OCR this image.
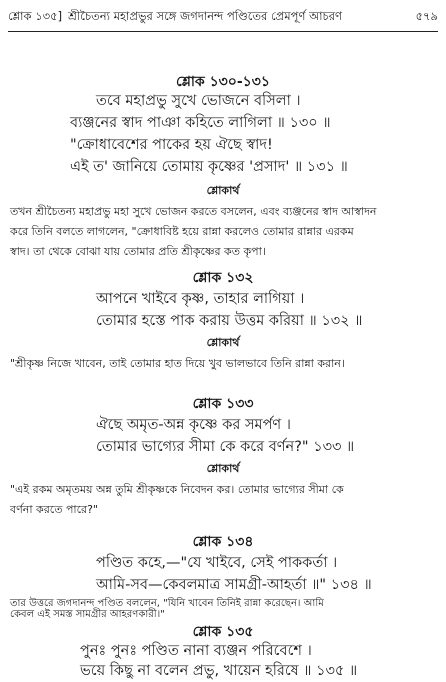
শ্লোক ১৩৫] শ্রীচৈতন্য মহাপ্রভুর সঙ্গে জগদানন্দ পণ্ডিতের প্রেমপূর্ণ আচরণ	৫৭৯
শ্লোক ১৩০-১৩১
তবে মহাপ্রভু সুখে ভোজনে বসিলা ।
ব্যঞ্জনের স্বাদ পাঞা কহিতে লাগিলা ॥ ১৩০ ॥
"ক্রোধাবেশের পাকের হয় ঐছে স্বাদ!
এই ত' জানিয়ে তোমায় কৃষ্ণের 'প্রসাদ' ॥ ১৩১ ॥
শ্লোকার্থ
তখন শ্রীচৈতন্য মহাপ্রভু মহা সুখে ভোজন করতে বসলেন, এবং ব্যঞ্জনের স্বাদ আস্বাদন
করে তিনি বলতে লাগলেন, "ক্রোধাবিষ্ট হয়ে রান্না করলেও তোমার রান্নার এরকম
স্বাদ। তা থেকে বোঝা যায় তোমার প্রতি শ্রীকৃষ্ণের কত কৃপা।
শ্লোক ১৩২
আপনে খাইবে কৃষ্ণ, তাহার লাগিয়া ।
তোমার হস্তে পাক করায় উত্তম করিয়া ॥ ১৩২ ॥
শ্লোকার্থ
"শ্রীকৃষ্ণ নিজে খাবেন, তাই তোমার হাত দিয়ে খুব ভালভাবে তিনি রান্না করান।
শ্লোক ১৩৩
ঐছে অমৃত-অন্ন কৃষ্ণে কর সমর্পণ ।
তোমার ভাগ্যের সীমা কে করে বর্ণন?" ১৩৩ ॥
শ্লোকার্থ
"এই রকম অমৃতময় অন্ন তুমি শ্রীকৃষ্ণকে নিবেদন কর। তোমার ভাগ্যের সীমা কে
বর্ণনা করতে পারে?"
শ্লোক ১৩৪
পণ্ডিত কহে,—"যে খাইবে, সেই পাককর্তা ।
আমি-সব—কেবলমাত্র সামগ্রী-আহর্তা ॥" ১৩৪ ॥
তার উত্তরে জগদানন্দ পণ্ডিত বললেন, "যিনি খাবেন তিনিই রান্না করেছেন। আমি
কেবল এই সমস্ত সামগ্রীর আহরণকারী।"
শ্লোক ১৩৫
পুনঃ পুনঃ পণ্ডিত নানা ব্যঞ্জন পরিবেশে ।
ভয়ে কিছু না বলেন প্রভু, খায়েন হরিষে ॥ ১৩৫ ॥
